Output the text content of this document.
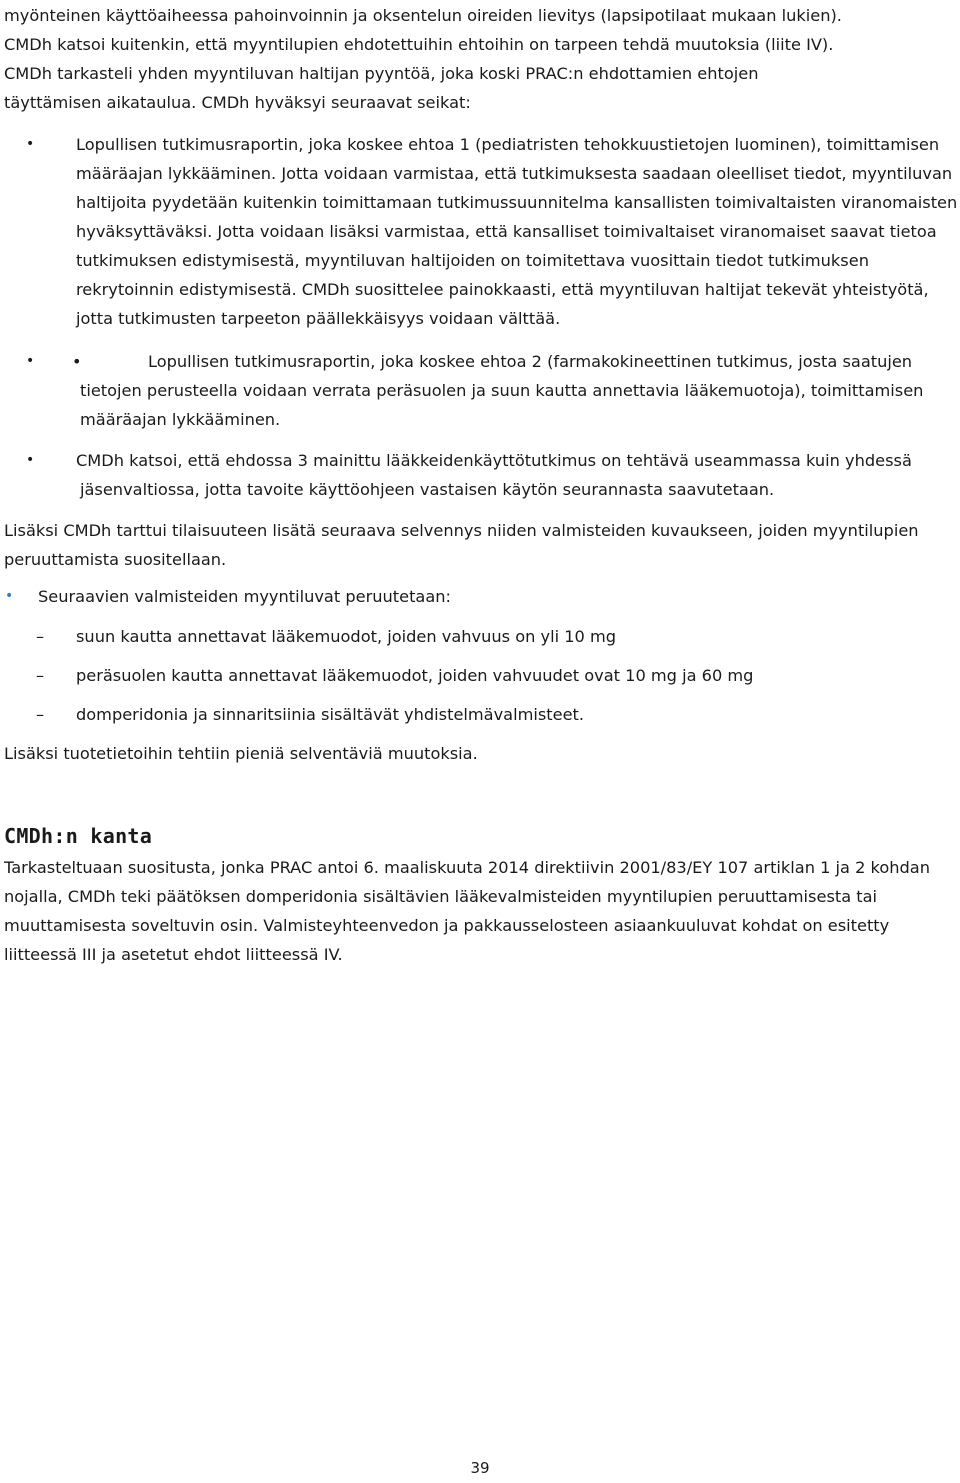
myönteinen käyttöaiheessa pahoinvoinnin ja oksentelun oireiden lievitys (lapsipotilaat mukaan lukien).

CMDh katsoi kuitenkin, että myyntilupien ehdotettuihin ehtoihin on tarpeen tehdä muutoksia (liite IV).

CMDh tarkasteli yhden myyntiluvan haltijan pyyntöä, joka koski PRAC:n ehdottamien ehtojen

täyttämisen aikataulua. CMDh hyväksyi seuraavat seikat:

•	Lopullisen tutkimusraportin, joka koskee ehtoa 1 (pediatristen tehokkuustietojen luominen), toimittamisen määräajan lykkääminen. Jotta voidaan varmistaa, että tutkimuksesta saadaan oleelliset tiedot, myyntiluvan haltijoita pyydetään kuitenkin toimittamaan tutkimussuunnitelma kansallisten toimivaltaisten viranomaisten hyväksyttäväksi. Jotta voidaan lisäksi varmistaa, että kansalliset toimivaltaiset viranomaiset saavat tietoa tutkimuksen edistymisestä, myyntiluvan haltijoiden on toimitettava vuosittain tiedot tutkimuksen rekrytoinnin edistymisestä. CMDh suosittelee painokkaasti, että myyntiluvan haltijat tekevät yhteistyötä, jotta tutkimusten tarpeeton päällekkäisyys voidaan välttää.
• •	Lopullisen tutkimusraportin, joka koskee ehtoa 2 (farmakokineettinen tutkimus, josta saatujen tietojen perusteella voidaan verrata peräsuolen ja suun kautta annettavia lääkemuotoja), toimittamisen määräajan lykkääminen.
•	CMDh katsoi, että ehdossa 3 mainittu lääkkeidenkäyttötutkimus on tehtävä useammassa kuin yhdessä jäsenvaltiossa, jotta tavoite käyttöohjeen vastaisen käytön seurannasta saavutetaan.

Lisäksi CMDh tarttui tilaisuuteen lisätä seuraava selvennys niiden valmisteiden kuvaukseen, joiden myyntilupien peruuttamista suositellaan.

• Seuraavien valmisteiden myyntiluvat peruutetaan:
– suun kautta annettavat lääkemuodot, joiden vahvuus on yli 10 mg
– peräsuolen kautta annettavat lääkemuodot, joiden vahvuudet ovat 10 mg ja 60 mg
– domperidonia ja sinnaritsiinia sisältävät yhdistelmävalmisteet.

Lisäksi tuotetietoihin tehtiin pieniä selventäviä muutoksia.

CMDh:n kanta

Tarkasteltuaan suositusta, jonka PRAC antoi 6. maaliskuuta 2014 direktiivin 2001/83/EY 107 artiklan 1 ja 2 kohdan nojalla, CMDh teki päätöksen domperidonia sisältävien lääkevalmisteiden myyntilupien peruuttamisesta tai muuttamisesta soveltuvin osin. Valmisteyhteenvedon ja pakkausselosteen asiaankuuluvat kohdat on esitetty liitteessä III ja asetetut ehdot liitteessä IV.

39
